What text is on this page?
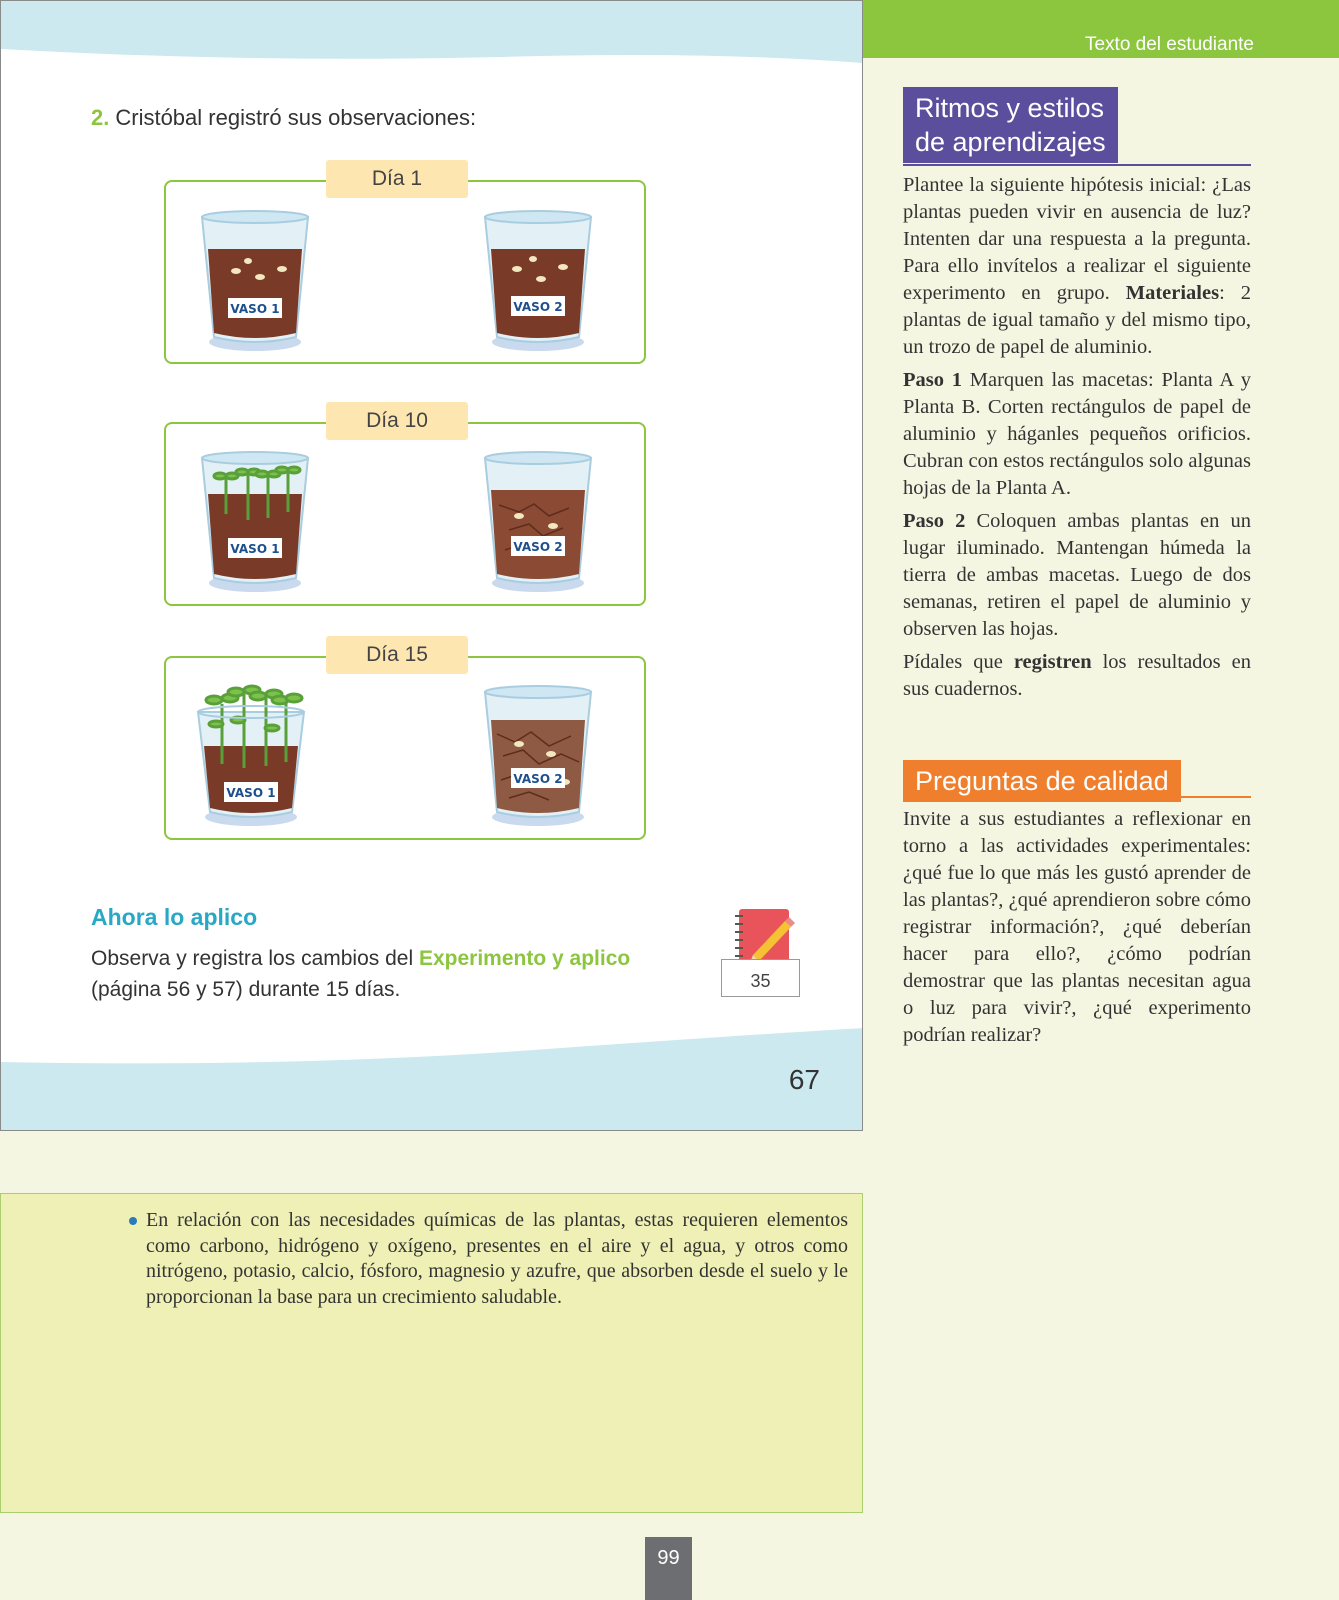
2. Cristóbal registró sus observaciones:
Día 1
VASO 1	VASO 2
Día 10
VASO 1	VASO 2
Día 15
VASO 1
VASO 2
Ahora lo aplico
Observa y registra los cambios del Experimento y aplico (página 56 y 57) durante 15 días.	35
67
Texto del estudiante
Ritmos y estilos
de aprendizajes

Plantee la siguiente hipótesis inicial: ¿Las plantas pueden vivir en ausencia de luz? Intenten dar una respuesta a la pregunta. Para ello invítelos a realizar el siguiente experimento en grupo. Materiales: 2 plantas de igual tamaño y del mismo tipo, un trozo de papel de aluminio.

Paso 1 Marquen las macetas: Planta A y Planta B. Corten rectángulos de papel de aluminio y háganles pequeños orificios. Cubran con estos rectángulos solo algunas hojas de la Planta A.

Paso 2 Coloquen ambas plantas en un lugar iluminado. Mantengan húmeda la tierra de ambas macetas. Luego de dos semanas, retiren el papel de aluminio y observen las hojas.

Pídales que registren los resultados en sus cuadernos.

Preguntas de calidad
Invite a sus estudiantes a reflexionar en torno a las actividades experimentales: ¿qué fue lo que más les gustó aprender de las plantas?, ¿qué aprendieron sobre cómo registrar información?, ¿qué deberían hacer para ello?, ¿cómo podrían demostrar que las plantas necesitan agua o luz para vivir?, ¿qué experimento podrían realizar?
En relación con las necesidades químicas de las plantas, estas requieren elementos como carbono, hidrógeno y oxígeno, presentes en el aire y el agua, y otros como nitrógeno, potasio, calcio, fósforo, magnesio y azufre, que absorben desde el suelo y le proporcionan la base para un crecimiento saludable.
99
